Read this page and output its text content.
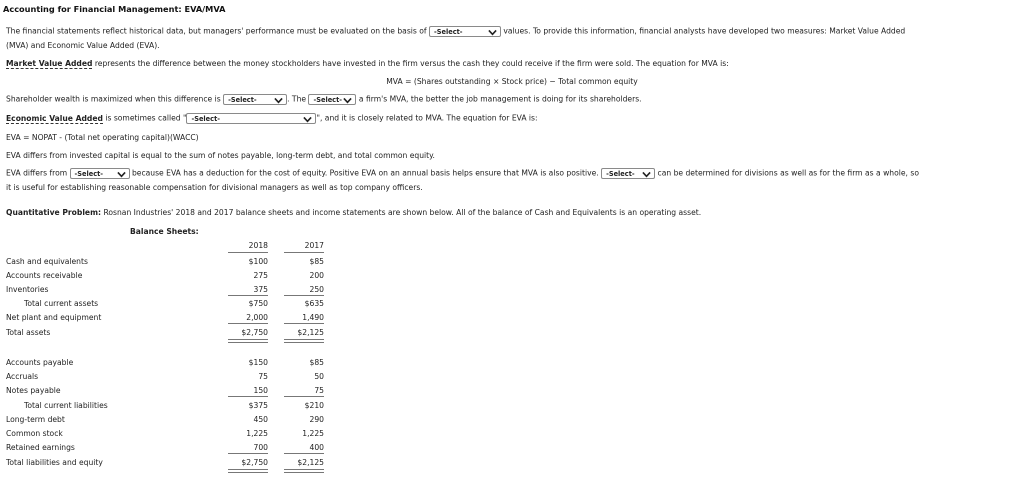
Accounting for Financial Management: EVA/MVA
The financial statements reflect historical data, but managers' performance must be evaluated on the basis of -Select-	values. To provide this information, financial analysts have developed two measures: Market Value Added
(MVA) and Economic Value Added (EVA).
Market Value Added represents the difference between the money stockholders have invested in the firm versus the cash they could receive if the firm were sold. The equation for MVA is:
MVA = (Shares outstanding × Stock price) − Total common equity
Shareholder wealth is maximized when this difference is -Select-	. The -Select- a firm's MVA, the better the job management is doing for its shareholders.
Economic Value Added is sometimes called " -Select-	", and it is closely related to MVA. The equation for EVA is:
EVA = NOPAT - (Total net operating capital)(WACC)
EVA differs from invested capital is equal to the sum of notes payable, long-term debt, and total common equity.
EVA differs from -Select-	because EVA has a deduction for the cost of equity. Positive EVA on an annual basis helps ensure that MVA is also positive. -Select-	can be determined for divisions as well as for the firm as a whole, so
it is useful for establishing reasonable compensation for divisional managers as well as top company officers.
Quantitative Problem: Rosnan Industries' 2018 and 2017 balance sheets and income statements are shown below. All of the balance of Cash and Equivalents is an operating asset.
Balance Sheets:
2018	2017
Cash and equivalents	$100	$85
Accounts receivable	275	200
Inventories	375	250
Total current assets	$750	$635
Net plant and equipment	2,000	1,490
Total assets	$2,750	$2,125
Accounts payable	$150	$85
Accruals	75	50
Notes payable	150	75
Total current liabilities	$375	$210
Long-term debt	450	290
Common stock	1,225	1,225
Retained earnings	700	400
Total liabilities and equity	$2,750	$2,125
